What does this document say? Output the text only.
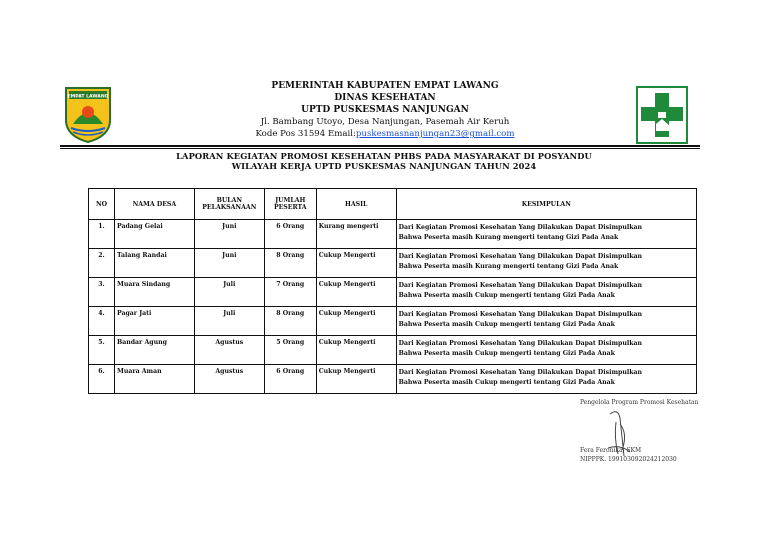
EMPAT LAWANG
PEMERINTAH KABUPATEN EMPAT LAWANG
DINAS KESEHATAN
UPTD PUSKESMAS NANJUNGAN
Jl. Bambang Utoyo, Desa Nanjungan, Pasemah Air Keruh
Kode Pos 31594 Email:puskesmasnanjungan23@gmail.com
LAPORAN KEGIATAN PROMOSI KESEHATAN PHBS PADA MASYARAKAT DI POSYANDU
WILAYAH KERJA UPTD PUSKESMAS NANJUNGAN TAHUN 2024
NO	NAMA DESA	BULAN PELAKSANAAN	JUMLAH PESERTA	HASIL	KESIMPULAN
1.	Padang Gelai	Juni	6 Orang	Kurang mengerti	Dari Kegiatan Promosi Kesehatan Yang Dilakukan Dapat Disimpulkan
Bahwa Peserta masih Kurang mengerti tentang Gizi Pada Anak

2.	Talang Randai	Juni	8 Orang	Cukup Mengerti	Dari Kegiatan Promosi Kesehatan Yang Dilakukan Dapat Disimpulkan
Bahwa Peserta masih Kurang mengerti tentang Gizi Pada Anak

3.	Muara Sindang	Juli	7 Orang	Cukup Mengerti	Dari Kegiatan Promosi Kesehatan Yang Dilakukan Dapat Disimpulkan
Bahwa Peserta masih Cukup mengerti tentang Gizi Pada Anak

4.	Pagar Jati	Juli	8 Orang	Cukup Mengerti	Dari Kegiatan Promosi Kesehatan Yang Dilakukan Dapat Disimpulkan
Bahwa Peserta masih Cukup mengerti tentang Gizi Pada Anak

5.	Bandar Agung	Agustus	5 Orang	Cukup Mengerti	Dari Kegiatan Promosi Kesehatan Yang Dilakukan Dapat Disimpulkan
Bahwa Peserta masih Cukup mengerti tentang Gizi Pada Anak

6.	Muara Aman	Agustus	6 Orang	Cukup Mengerti	Dari Kegiatan Promosi Kesehatan Yang Dilakukan Dapat Disimpulkan
Bahwa Peserta masih Cukup mengerti tentang Gizi Pada Anak
Pengelola Program Promosi Kesehatan
Fera Feronika, SKM
NIPPPK. 199103092024212030
